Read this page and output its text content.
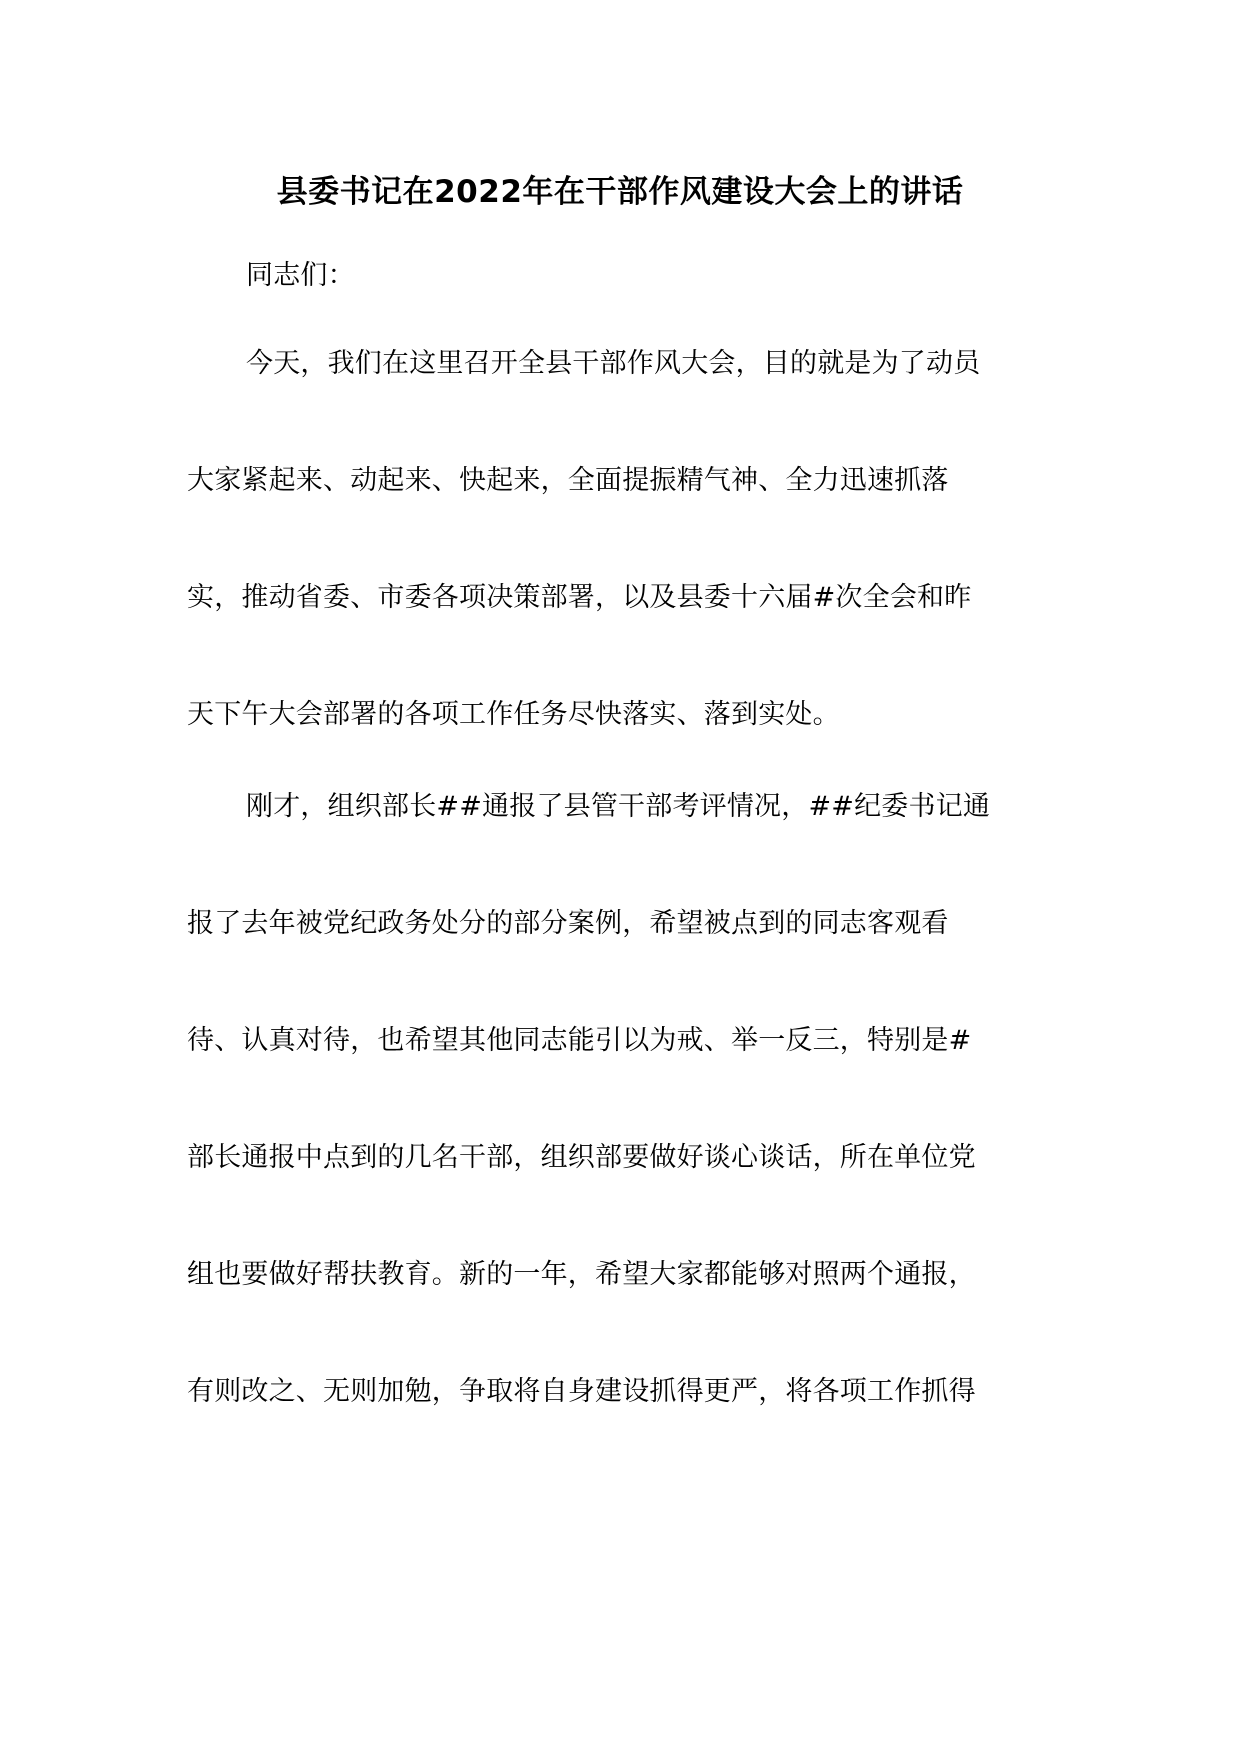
县委书记在2022年在干部作风建设大会上的讲话
同志们：
今天，我们在这里召开全县干部作风大会，目的就是为了动员
大家紧起来、动起来、快起来，全面提振精气神、全力迅速抓落
实，推动省委、市委各项决策部署，以及县委十六届#次全会和昨
天下午大会部署的各项工作任务尽快落实、落到实处。
刚才，组织部长##通报了县管干部考评情况，##纪委书记通
报了去年被党纪政务处分的部分案例，希望被点到的同志客观看
待、认真对待，也希望其他同志能引以为戒、举一反三，特别是#
部长通报中点到的几名干部，组织部要做好谈心谈话，所在单位党
组也要做好帮扶教育。新的一年，希望大家都能够对照两个通报，
有则改之、无则加勉，争取将自身建设抓得更严，将各项工作抓得
